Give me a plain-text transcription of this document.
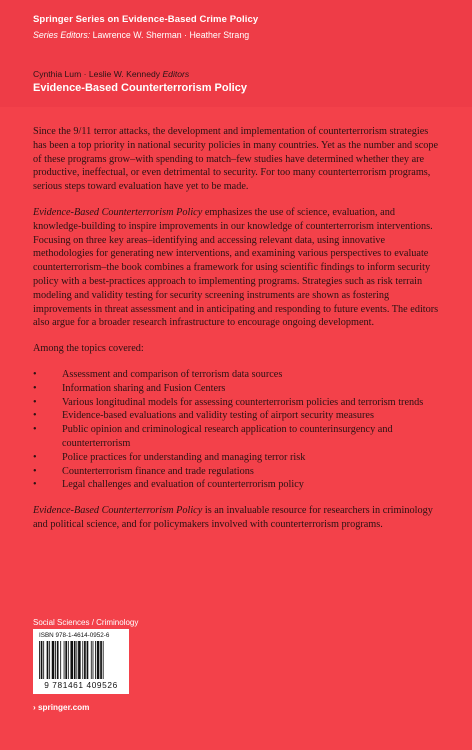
Springer Series on Evidence-Based Crime Policy
Series Editors: Lawrence W. Sherman · Heather Strang
Cynthia Lum · Leslie W. Kennedy Editors
Evidence-Based Counterterrorism Policy

Since the 9/11 terror attacks, the development and implementation of counterterrorism strategies has been a top priority in national security policies in many countries. Yet as the number and scope of these programs grow–with spending to match–few studies have determined whether they are productive, ineffectual, or even detrimental to security. For too many counterterrorism programs, serious steps toward evaluation have yet to be made.

Evidence-Based Counterterrorism Policy emphasizes the use of science, evaluation, and knowledge-building to inspire improvements in our knowledge of counterterrorism interventions. Focusing on three key areas–identifying and accessing relevant data, using innovative methodologies for generating new interventions, and examining various perspectives to evaluate counterterrorism–the book combines a framework for using scientific findings to inform security policy with a best-practices approach to implementing programs. Strategies such as risk terrain modeling and validity testing for security screening instruments are shown as fostering improvements in threat assessment and in anticipating and responding to future events. The editors also argue for a broader research infrastructure to encourage ongoing development.

Among the topics covered:

• Assessment and comparison of terrorism data sources
• Information sharing and Fusion Centers
• Various longitudinal models for assessing counterterrorism policies and terrorism trends
• Evidence-based evaluations and validity testing of airport security measures
• Public opinion and criminological research application to counterinsurgency and counterterrorism
• Police practices for understanding and managing terror risk
• Counterterrorism finance and trade regulations
• Legal challenges and evaluation of counterterrorism policy

Evidence-Based Counterterrorism Policy is an invaluable resource for researchers in criminology and political science, and for policymakers involved with counterterrorism programs.

Social Sciences / Criminology
ISBN 978-1-4614-0952-6
9 781461 409526
› springer.com
